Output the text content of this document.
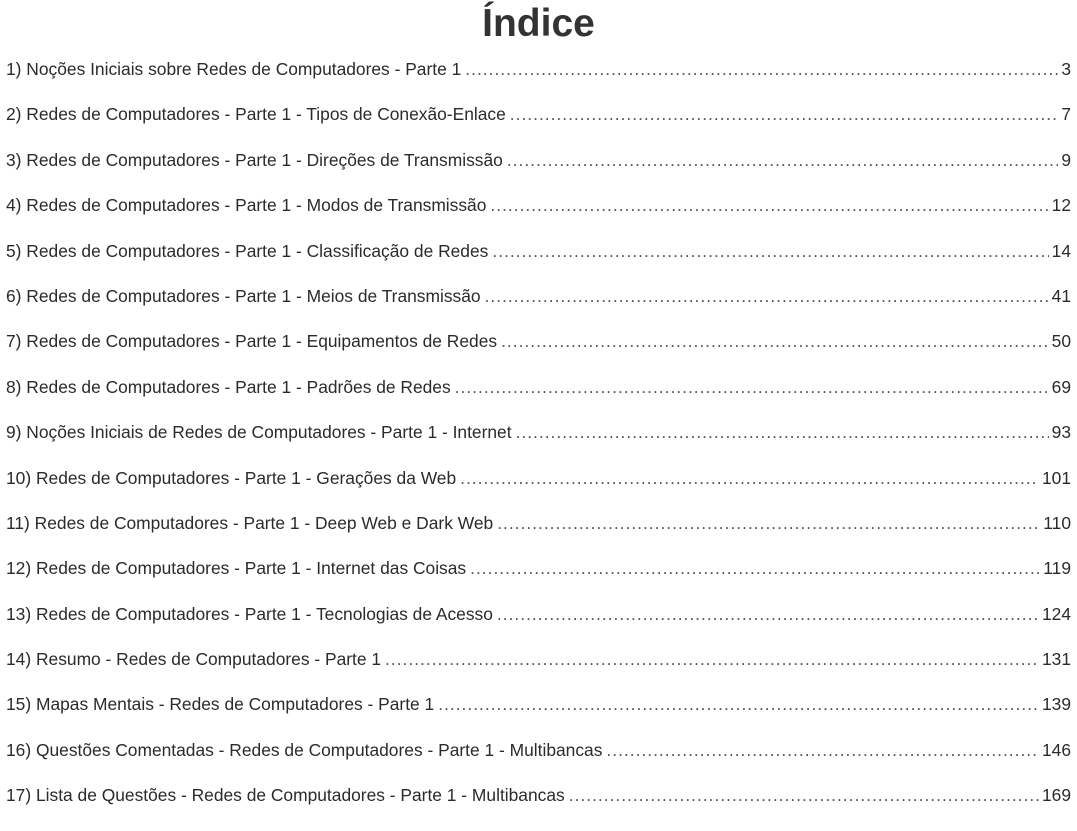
Índice
1) Noções Iniciais sobre Redes de Computadores - Parte 1 .....	3
2) Redes de Computadores - Parte 1 - Tipos de Conexão-Enlace .....	7
3) Redes de Computadores - Parte 1 - Direções de Transmissão .....	9
4) Redes de Computadores - Parte 1 - Modos de Transmissão .....	12
5) Redes de Computadores - Parte 1 - Classificação de Redes .....	14
6) Redes de Computadores - Parte 1 - Meios de Transmissão .....	41
7) Redes de Computadores - Parte 1 - Equipamentos de Redes .....	50
8) Redes de Computadores - Parte 1 - Padrões de Redes .....	69
9) Noções Iniciais de Redes de Computadores - Parte 1 - Internet .....	93
10) Redes de Computadores - Parte 1 - Gerações da Web .....	101
11) Redes de Computadores - Parte 1 - Deep Web e Dark Web .....	110
12) Redes de Computadores - Parte 1 - Internet das Coisas .....	119
13) Redes de Computadores - Parte 1 - Tecnologias de Acesso .....	124
14) Resumo - Redes de Computadores - Parte 1 .....	131
15) Mapas Mentais - Redes de Computadores - Parte 1 .....	139
16) Questões Comentadas - Redes de Computadores - Parte 1 - Multibancas .....	146
17) Lista de Questões - Redes de Computadores - Parte 1 - Multibancas .....	169
